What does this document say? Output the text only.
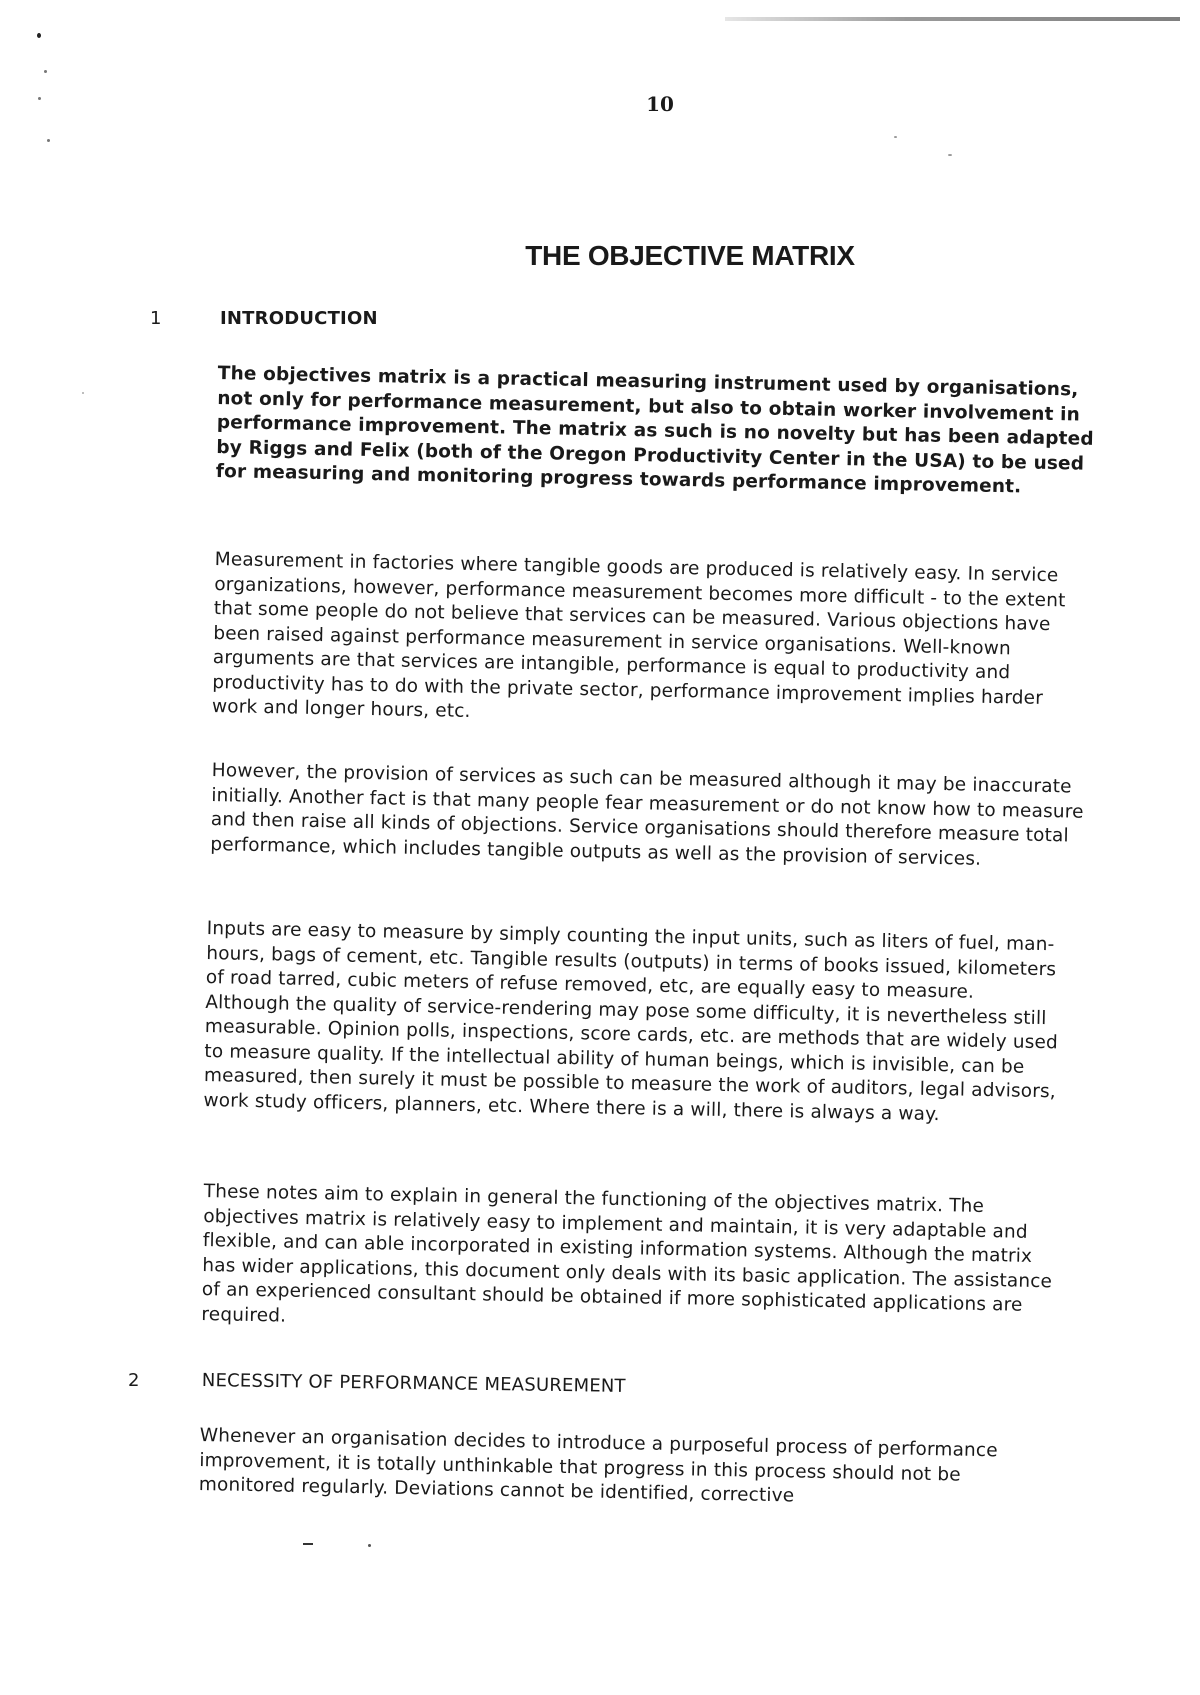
10
THE OBJECTIVE MATRIX
1	INTRODUCTION

The objectives matrix is a practical measuring instrument used by organisations, not only for performance measurement, but also to obtain worker involvement in performance improvement. The matrix as such is no novelty but has been adapted by Riggs and Felix (both of the Oregon Productivity Center in the USA) to be used for measuring and monitoring progress towards performance improvement.

Measurement in factories where tangible goods are produced is relatively easy. In service organizations, however, performance measurement becomes more difficult - to the extent that some people do not believe that services can be measured. Various objections have been raised against performance measurement in service organisations. Well-known arguments are that services are intangible, performance is equal to productivity and productivity has to do with the private sector, performance improvement implies harder work and longer hours, etc.

However, the provision of services as such can be measured although it may be inaccurate initially. Another fact is that many people fear measurement or do not know how to measure and then raise all kinds of objections. Service organisations should therefore measure total performance, which includes tangible outputs as well as the provision of services.

Inputs are easy to measure by simply counting the input units, such as liters of fuel, man-hours, bags of cement, etc. Tangible results (outputs) in terms of books issued, kilometers of road tarred, cubic meters of refuse removed, etc, are equally easy to measure. Although the quality of service-rendering may pose some difficulty, it is nevertheless still measurable. Opinion polls, inspections, score cards, etc. are methods that are widely used to measure quality. If the intellectual ability of human beings, which is invisible, can be measured, then surely it must be possible to measure the work of auditors, legal advisors, work study officers, planners, etc. Where there is a will, there is always a way.

These notes aim to explain in general the functioning of the objectives matrix. The objectives matrix is relatively easy to implement and maintain, it is very adaptable and flexible, and can able incorporated in existing information systems. Although the matrix has wider applications, this document only deals with its basic application. The assistance of an experienced consultant should be obtained if more sophisticated applications are required.

2	NECESSITY OF PERFORMANCE MEASUREMENT

Whenever an organisation decides to introduce a purposeful process of performance improvement, it is totally unthinkable that progress in this process should not be monitored regularly. Deviations cannot be identified, corrective
